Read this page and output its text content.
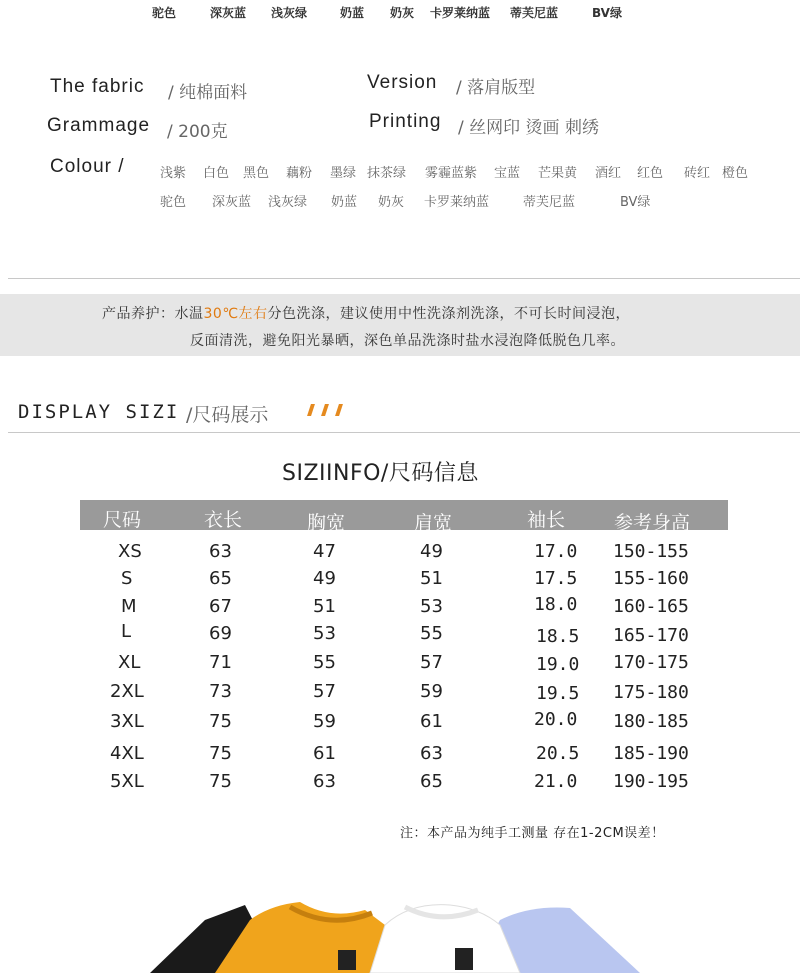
驼色	深灰蓝 浅灰绿	奶蓝 奶灰 卡罗莱纳蓝 蒂芙尼蓝	BV绿
The fabric / 纯棉面料	Version / 落肩版型
Grammage / 200克	Printing / 丝网印 烫画 刺绣
Colour /	浅紫 白色 黑色 藕粉 墨绿 抹茶绿 雾霾蓝紫 宝蓝 芒果黄 酒红 红色 砖红 橙色
驼色 深灰蓝 浅灰绿 奶蓝 奶灰 卡罗莱纳蓝	蒂芙尼蓝	BV绿
产品养护：水温30℃左右分色洗涤，建议使用中性洗涤剂洗涤，不可长时间浸泡，
反面清洗，避免阳光暴晒，深色单品洗涤时盐水浸泡降低脱色几率。
DISPLAY SIZI /尺码展示
SIZIINFO/尺码信息
尺码	衣长	胸宽	肩宽	袖长	参考身高
XS	63	47	49	17.0 150-155
S	65	49	51	17.5 155-160
M	67	51	53	18.0 160-165
L	69	53	55	18.5 165-170
XL	71	55	57	19.0 170-175
2XL	73	57	59	19.5 175-180
3XL	75	59	61	20.0 180-185
4XL	75	61	63	20.5 185-190
5XL	75	63	65	21.0 190-195
注：本产品为纯手工测量 存在1-2CM误差！
